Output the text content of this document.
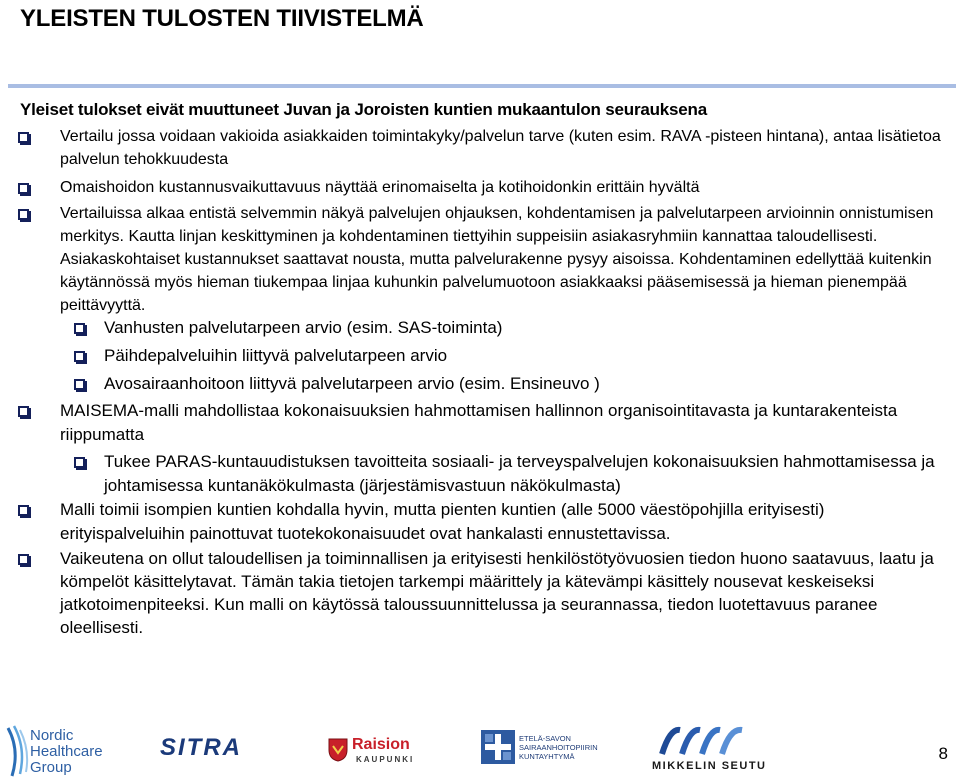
YLEISTEN TULOSTEN TIIVISTELMÄ
Yleiset tulokset eivät muuttuneet Juvan ja Joroisten kuntien mukaantulon seurauksena
Vertailu jossa voidaan vakioida asiakkaiden toimintakyky/palvelun tarve (kuten esim. RAVA -pisteen hintana), antaa lisätietoa palvelun tehokkuudesta
Omaishoidon kustannusvaikuttavuus näyttää erinomaiselta ja kotihoidonkin erittäin hyvältä
Vertailuissa alkaa entistä selvemmin näkyä palvelujen ohjauksen, kohdentamisen ja palvelutarpeen arvioinnin onnistumisen merkitys. Kautta linjan keskittyminen ja kohdentaminen tiettyihin suppeisiin asiakasryhmiin kannattaa taloudellisesti. Asiakaskohtaiset kustannukset saattavat nousta, mutta palvelurakenne pysyy aisoissa. Kohdentaminen edellyttää kuitenkin käytännössä myös hieman tiukempaa linjaa kuhunkin palvelumuotoon asiakkaaksi pääsemisessä ja hieman pienempää peittävyyttä.
Vanhusten palvelutarpeen arvio (esim. SAS-toiminta)
Päihdepalveluihin liittyvä palvelutarpeen arvio
Avosairaanhoitoon liittyvä palvelutarpeen arvio (esim. Ensineuvo )
MAISEMA-malli mahdollistaa kokonaisuuksien hahmottamisen hallinnon organisointitavasta ja kuntarakenteista riippumatta
Tukee PARAS-kuntauudistuksen tavoitteita sosiaali- ja terveyspalvelujen kokonaisuuksien hahmottamisessa ja johtamisessa kuntanäkökulmasta (järjestämisvastuun näkökulmasta)
Malli toimii isompien kuntien kohdalla hyvin, mutta pienten kuntien (alle 5000 väestöpohjilla erityisesti) erityispalveluihin painottuvat tuotekokonaisuudet ovat hankalasti ennustettavissa.
Vaikeutena on ollut taloudellisen ja toiminnallisen ja erityisesti henkilöstötyövuosien tiedon huono saatavuus, laatu ja kömpelöt käsittelytavat. Tämän takia tietojen tarkempi määrittely ja kätevämpi käsittely nousevat keskeiseksi jatkotoimenpiteeksi. Kun malli on käytössä taloussuunnittelussa ja seurannassa, tiedon luotettavuus paranee oleellisesti.
Nordic
Healthcare
Group
SITRA	Raision
KAUPUNKI
ETELÄ-SAVON
SAIRAANHOITOPIIRIN
KUNTAYHTYMÄ
MIKKELIN SEUTU
8
